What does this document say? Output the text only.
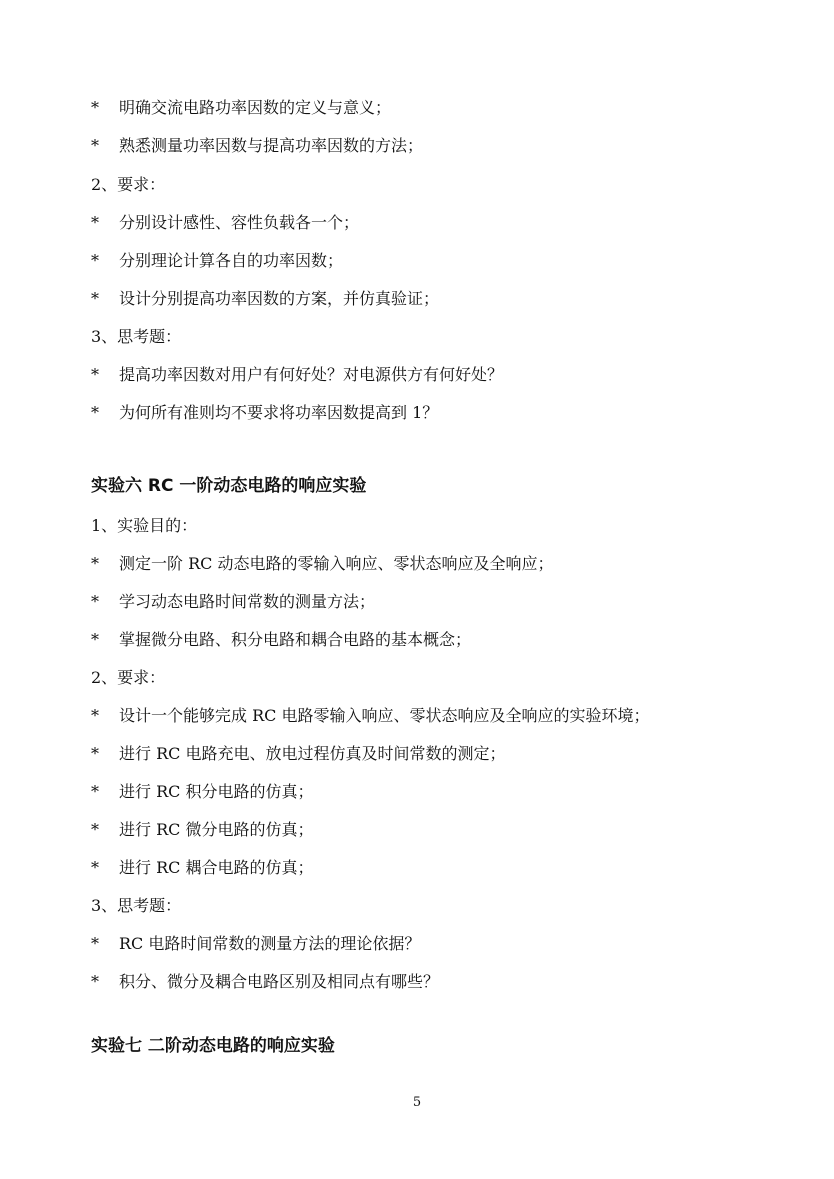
* 明确交流电路功率因数的定义与意义；
* 熟悉测量功率因数与提高功率因数的方法；
2、要求：
* 分别设计感性、容性负载各一个；
* 分别理论计算各自的功率因数；
* 设计分别提高功率因数的方案，并仿真验证；
3、思考题：
* 提高功率因数对用户有何好处？对电源供方有何好处？
* 为何所有准则均不要求将功率因数提高到 1？
实验六 RC 一阶动态电路的响应实验
1、实验目的：
* 测定一阶 RC 动态电路的零输入响应、零状态响应及全响应；
* 学习动态电路时间常数的测量方法；
* 掌握微分电路、积分电路和耦合电路的基本概念；
2、要求：
* 设计一个能够完成 RC 电路零输入响应、零状态响应及全响应的实验环境；
* 进行 RC 电路充电、放电过程仿真及时间常数的测定；
* 进行 RC 积分电路的仿真；
* 进行 RC 微分电路的仿真；
* 进行 RC 耦合电路的仿真；
3、思考题：
* RC 电路时间常数的测量方法的理论依据？
* 积分、微分及耦合电路区别及相同点有哪些？
实验七 二阶动态电路的响应实验
5
